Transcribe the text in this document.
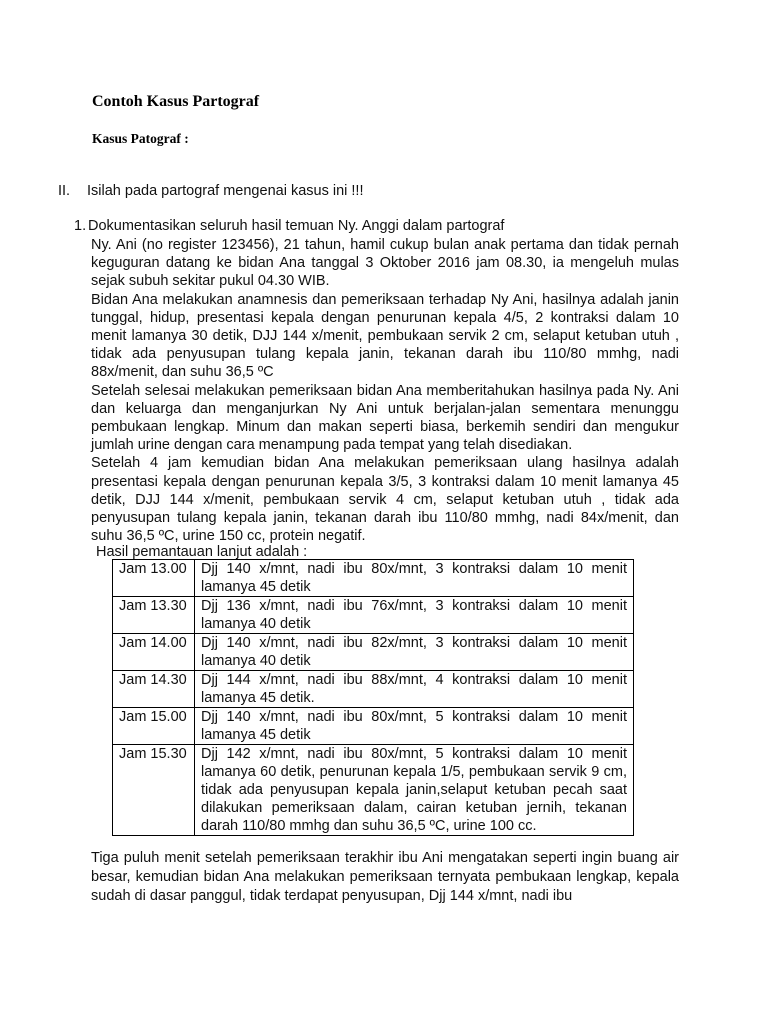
Contoh Kasus Partograf
Kasus Patograf :
II. Isilah pada partograf mengenai kasus ini !!!
1. Dokumentasikan seluruh hasil temuan Ny. Anggi dalam partograf

Ny. Ani (no register 123456), 21 tahun, hamil cukup bulan anak pertama dan tidak pernah keguguran datang ke bidan Ana tanggal 3 Oktober 2016 jam 08.30, ia mengeluh mulas sejak subuh sekitar pukul 04.30 WIB.

Bidan Ana melakukan anamnesis dan pemeriksaan terhadap Ny Ani, hasilnya adalah janin tunggal, hidup, presentasi kepala dengan penurunan kepala 4/5, 2 kontraksi dalam 10 menit lamanya 30 detik, DJJ 144 x/menit, pembukaan servik 2 cm, selaput ketuban utuh , tidak ada penyusupan tulang kepala janin, tekanan darah ibu 110/80 mmhg, nadi 88x/menit, dan suhu 36,5 ºC

Setelah selesai melakukan pemeriksaan bidan Ana memberitahukan hasilnya pada Ny. Ani dan keluarga dan menganjurkan Ny Ani untuk berjalan-jalan sementara menunggu pembukaan lengkap. Minum dan makan seperti biasa, berkemih sendiri dan mengukur jumlah urine dengan cara menampung pada tempat yang telah disediakan.

Setelah 4 jam kemudian bidan Ana melakukan pemeriksaan ulang hasilnya adalah presentasi kepala dengan penurunan kepala 3/5, 3 kontraksi dalam 10 menit lamanya 45 detik, DJJ 144 x/menit, pembukaan servik 4 cm, selaput ketuban utuh , tidak ada penyusupan tulang kepala janin, tekanan darah ibu 110/80 mmhg, nadi 84x/menit, dan suhu 36,5 ºC, urine 150 cc, protein negatif.

Hasil pemantauan lanjut adalah :
Jam 13.00	Djj 140 x/mnt, nadi ibu 80x/mnt, 3 kontraksi dalam 10 menit lamanya 45 detik
Jam 13.30	Djj 136 x/mnt, nadi ibu 76x/mnt, 3 kontraksi dalam 10 menit lamanya 40 detik
Jam 14.00	Djj 140 x/mnt, nadi ibu 82x/mnt, 3 kontraksi dalam 10 menit lamanya 40 detik
Jam 14.30	Djj 144 x/mnt, nadi ibu 88x/mnt, 4 kontraksi dalam 10 menit lamanya 45 detik.
Jam 15.00	Djj 140 x/mnt, nadi ibu 80x/mnt, 5 kontraksi dalam 10 menit lamanya 45 detik
Jam 15.30	Djj 142 x/mnt, nadi ibu 80x/mnt, 5 kontraksi dalam 10 menit lamanya 60 detik, penurunan kepala 1/5, pembukaan servik 9 cm, tidak ada penyusupan kepala janin,selaput ketuban pecah saat dilakukan pemeriksaan dalam, cairan ketuban jernih, tekanan darah 110/80 mmhg dan suhu 36,5 ºC, urine 100 cc.
Tiga puluh menit setelah pemeriksaan terakhir ibu Ani mengatakan seperti ingin buang air besar, kemudian bidan Ana melakukan pemeriksaan ternyata pembukaan lengkap, kepala sudah di dasar panggul, tidak terdapat penyusupan, Djj 144 x/mnt, nadi ibu
